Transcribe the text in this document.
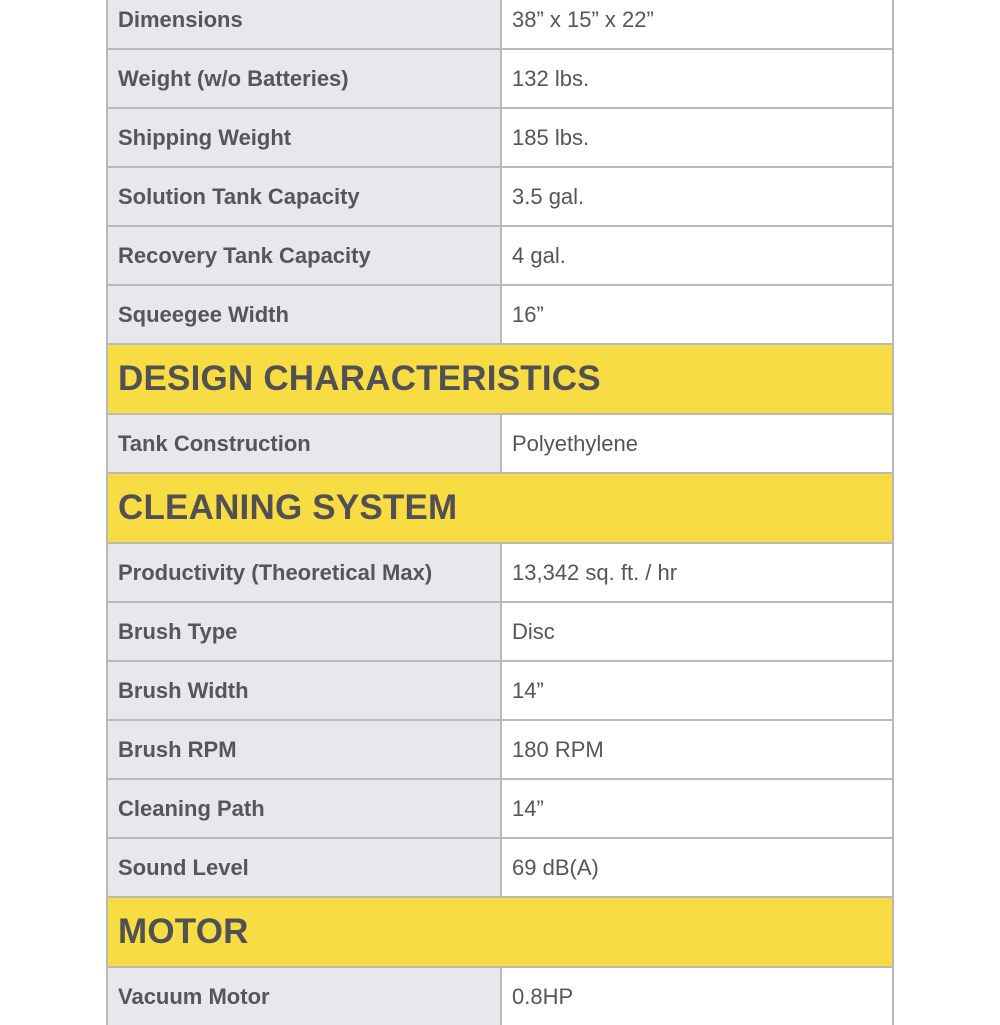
Dimensions	38” x 15” x 22”
Weight (w/o Batteries)	132 lbs.
Shipping Weight	185 lbs.
Solution Tank Capacity	3.5 gal.
Recovery Tank Capacity	4 gal.
Squeegee Width	16”
DESIGN CHARACTERISTICS
Tank Construction	Polyethylene
CLEANING SYSTEM
Productivity (Theoretical Max)	13,342 sq. ft. / hr
Brush Type	Disc
Brush Width	14”
Brush RPM	180 RPM
Cleaning Path	14”
Sound Level	69 dB(A)
MOTOR
Vacuum Motor	0.8HP
